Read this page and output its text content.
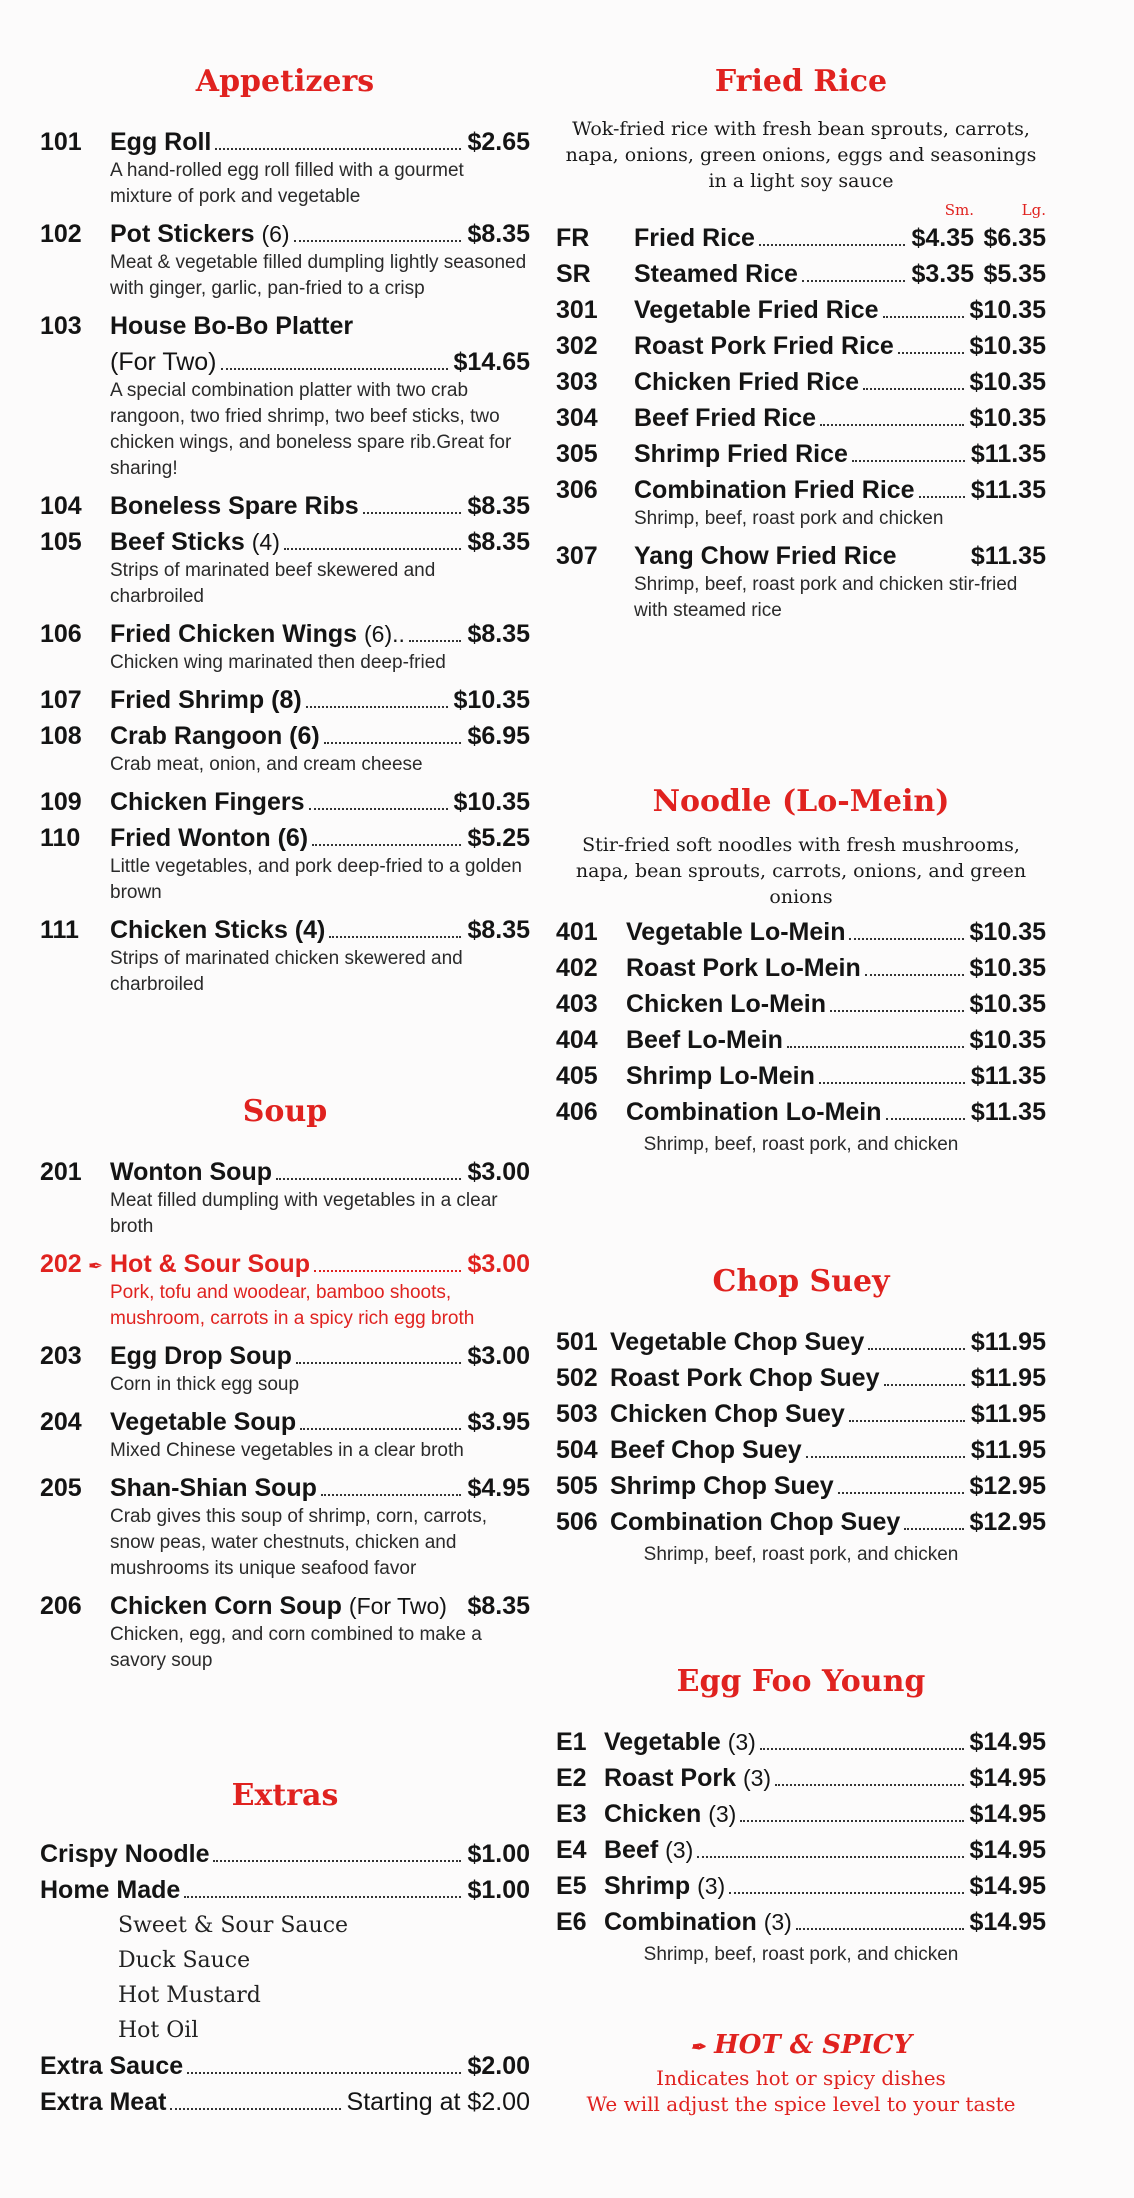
Appetizers
101	Egg Roll	$2.65
A hand-rolled egg roll filled with a gourmet mixture of pork and vegetable
102	Pot Stickers (6)	$8.35
Meat & vegetable filled dumpling lightly seasoned with ginger, garlic, pan-fried to a crisp
103	House Bo-Bo Platter
(For Two)	$14.65
A special combination platter with two crab rangoon, two fried shrimp, two beef sticks, two chicken wings, and boneless spare rib.Great for sharing!
104	Boneless Spare Ribs	$8.35
105	Beef Sticks (4)	$8.35
Strips of marinated beef skewered and charbroiled
106	Fried Chicken Wings (6)..	$8.35
Chicken wing marinated then deep-fried
107	Fried Shrimp (8)	$10.35
108	Crab Rangoon (6)	$6.95
Crab meat, onion, and cream cheese
109	Chicken Fingers	$10.35
110	Fried Wonton (6)	$5.25
Little vegetables, and pork deep-fried to a golden brown
111	Chicken Sticks (4)	$8.35
Strips of marinated chicken skewered and charbroiled
Soup
201	Wonton Soup	$3.00
Meat filled dumpling with vegetables in a clear broth
202 ✒ Hot & Sour Soup	$3.00
Pork, tofu and woodear, bamboo shoots, mushroom, carrots in a spicy rich egg broth
203	Egg Drop Soup	$3.00
Corn in thick egg soup
204	Vegetable Soup	$3.95
Mixed Chinese vegetables in a clear broth
205	Shan-Shian Soup	$4.95
Crab gives this soup of shrimp, corn, carrots, snow peas, water chestnuts, chicken and mushrooms its unique seafood favor
206	Chicken Corn Soup (For Two) $8.35
Chicken, egg, and corn combined to make a savory soup
Extras
Crispy Noodle	$1.00
Home Made	$1.00
Sweet & Sour Sauce
Duck Sauce
Hot Mustard
Hot Oil
Extra Sauce	$2.00
Extra Meat	Starting at $2.00
Fried Rice
Wok-fried rice with fresh bean sprouts, carrots, napa, onions, green onions, eggs and seasonings in a light soy sauce
Sm.	Lg.
FR	Fried Rice	$4.35 $6.35
SR	Steamed Rice	$3.35 $5.35
301	Vegetable Fried Rice	$10.35
302	Roast Pork Fried Rice	$10.35
303	Chicken Fried Rice	$10.35
304	Beef Fried Rice	$10.35
305	Shrimp Fried Rice	$11.35
306	Combination Fried Rice $11.35
Shrimp, beef, roast pork and chicken
307	Yang Chow Fried Rice	$11.35
Shrimp, beef, roast pork and chicken stir-fried with steamed rice
Noodle (Lo-Mein)
Stir-fried soft noodles with fresh mushrooms, napa, bean sprouts, carrots, onions, and green onions
401	Vegetable Lo-Mein	$10.35
402	Roast Pork Lo-Mein	$10.35
403	Chicken Lo-Mein	$10.35
404	Beef Lo-Mein	$10.35
405	Shrimp Lo-Mein	$11.35
406	Combination Lo-Mein	$11.35
Shrimp, beef, roast pork, and chicken
Chop Suey
501 Vegetable Chop Suey	$11.95
502 Roast Pork Chop Suey	$11.95
503 Chicken Chop Suey	$11.95
504 Beef Chop Suey	$11.95
505 Shrimp Chop Suey	$12.95
506 Combination Chop Suey	$12.95
Shrimp, beef, roast pork, and chicken
Egg Foo Young
E1 Vegetable (3)	$14.95
E2 Roast Pork (3)	$14.95
E3 Chicken (3)	$14.95
E4 Beef (3)	$14.95
E5 Shrimp (3)	$14.95
E6 Combination (3)	$14.95
Shrimp, beef, roast pork, and chicken
✒ HOT & SPICY
Indicates hot or spicy dishes
We will adjust the spice level to your taste
